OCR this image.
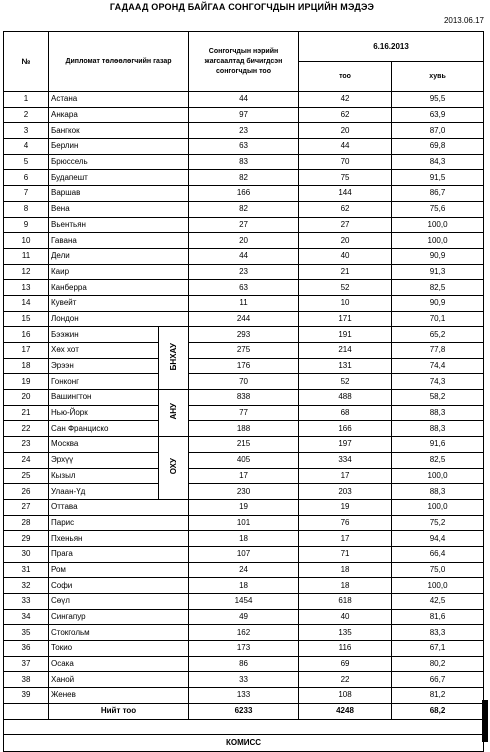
ГАДААД ОРОНД БАЙГАА СОНГОГЧДЫН ИРЦИЙН МЭДЭЭ
2013.06.17
№	Дипломат төлөөлөгчийн газар		Сонгогчдын нэрийн жагсаалтад бичигдсэн сонгогчдын тоо	6.16.2013	
				тоо	хувь
1	Астана		44	42	95,5
2	Анкара		97	62	63,9
3	Бангкок		23	20	87,0
4	Берлин		63	44	69,8
5	Брюссель		83	70	84,3
6	Будапешт		82	75	91,5
7	Варшав		166	144	86,7
8	Вена		82	62	75,6
9	Вьентьян		27	27	100,0
10	Гавана		20	20	100,0
11	Дели		44	40	90,9
12	Каир		23	21	91,3
13	Канберра		63	52	82,5
14	Кувейт		11	10	90,9
15	Лондон		244	171	70,1
16	Бээжин	БНХАУ	293	191	65,2
17	Хөх хот		275	214	77,8
18	Эрээн		176	131	74,4
19	Гонконг		70	52	74,3
20	Вашингтон	АНУ	838	488	58,2
21	Нью-Йорк		77	68	88,3
22	Сан Франциско		188	166	88,3
23	Москва	ОХУ	215	197	91,6
24	Эрхүү		405	334	82,5
25	Кызыл		17	17	100,0
26	Улаан-Үд		230	203	88,3
27	Оттава		19	19	100,0
28	Парис		101	76	75,2
29	Пхеньян		18	17	94,4
30	Прага		107	71	66,4
31	Ром		24	18	75,0
32	Софи		18	18	100,0
33	Сөүл		1454	618	42,5
34	Сингапур		49	40	81,6
35	Стокгольм		162	135	83,3
36	Токио		173	116	67,1
37	Осака		86	69	80,2
38	Ханой		33	22	66,7
39	Женев		133	108	81,2
	Нийт тоо		6233	4248	68,2

КОМИСС					
